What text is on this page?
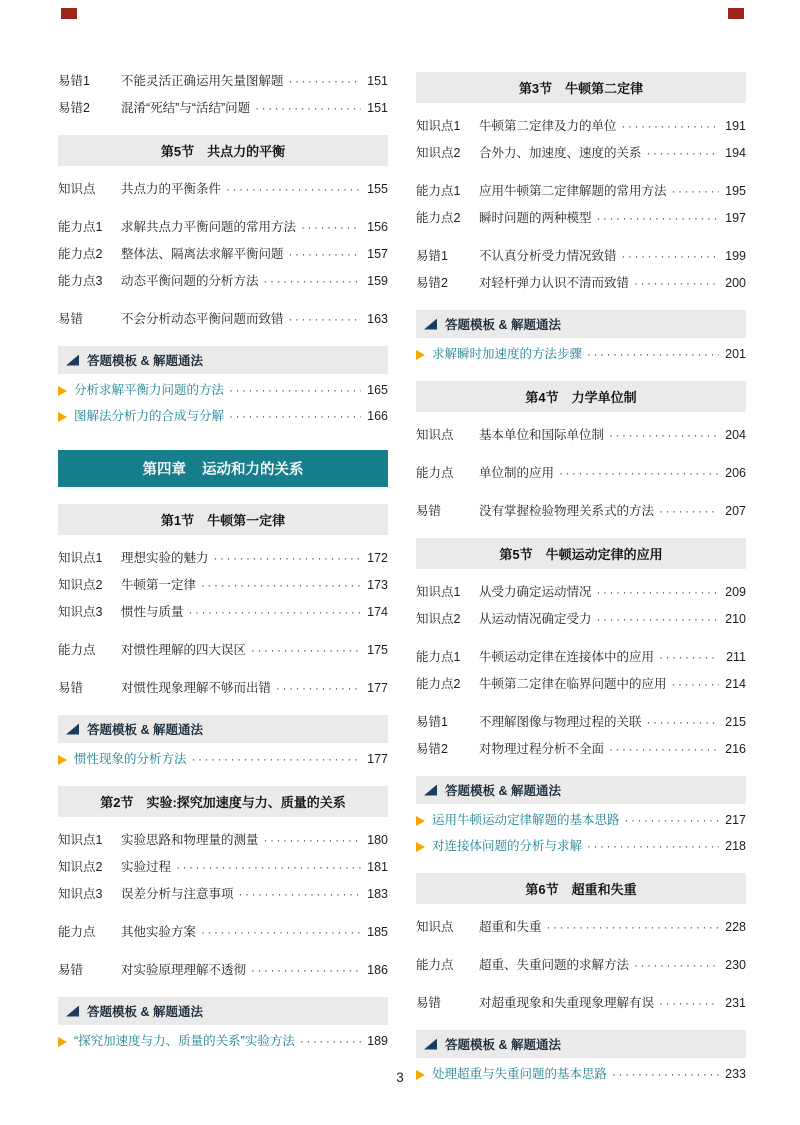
易错1	不能灵活正确运用矢量图解题 ·····	151
易错2	混淆“死结”与“活结”问题 ·····	151
第5节 共点力的平衡
知识点	共点力的平衡条件 ·····	155
能力点1	求解共点力平衡问题的常用方法 ·····	156
能力点2	整体法、隔离法求解平衡问题 ·····	157
能力点3	动态平衡问题的分析方法 ·····	159
易错	不会分析动态平衡问题而致错 ·····	163
答题模板 & 解题通法
分析求解平衡力问题的方法 ·····	165
图解法分析力的合成与分解 ·····	166
第四章 运动和力的关系
第1节 牛顿第一定律
知识点1	理想实验的魅力 ·····	172
知识点2	牛顿第一定律 ·····	173
知识点3	惯性与质量 ·····	174
能力点	对惯性理解的四大误区 ·····	175
易错	对惯性现象理解不够而出错 ·····	177
答题模板 & 解题通法
惯性现象的分析方法 ·····	177
第2节 实验:探究加速度与力、质量的关系
知识点1	实验思路和物理量的测量 ·····	180
知识点2	实验过程 ·····	181
知识点3	误差分析与注意事项 ·····	183
能力点	其他实验方案 ·····	185
易错	对实验原理理解不透彻 ·····	186
答题模板 & 解题通法
“探究加速度与力、质量的关系”实验方法 ·····	189
第3节 牛顿第二定律
知识点1	牛顿第二定律及力的单位 ·····	191
知识点2	合外力、加速度、速度的关系 ·····	194
能力点1	应用牛顿第二定律解题的常用方法 ·····	195
能力点2	瞬时问题的两种模型 ·····	197
易错1	不认真分析受力情况致错 ·····	199
易错2	对轻杆弹力认识不清而致错 ·····	200
答题模板 & 解题通法
求解瞬时加速度的方法步骤 ·····	201
第4节 力学单位制
知识点	基本单位和国际单位制 ·····	204
能力点	单位制的应用 ·····	206
易错	没有掌握检验物理关系式的方法 ·····	207
第5节 牛顿运动定律的应用
知识点1	从受力确定运动情况 ·····	209
知识点2	从运动情况确定受力 ·····	210
能力点1	牛顿运动定律在连接体中的应用 ·····	211
能力点2	牛顿第二定律在临界问题中的应用 ·····	214
易错1	不理解图像与物理过程的关联 ·····	215
易错2	对物理过程分析不全面 ·····	216
答题模板 & 解题通法
运用牛顿运动定律解题的基本思路 ·····	217
对连接体问题的分析与求解 ·····	218
第6节 超重和失重
知识点	超重和失重 ·····	228
能力点	超重、失重问题的求解方法 ·····	230
易错	对超重现象和失重现象理解有误 ·····	231
答题模板 & 解题通法
处理超重与失重问题的基本思路 ·····	233
3
